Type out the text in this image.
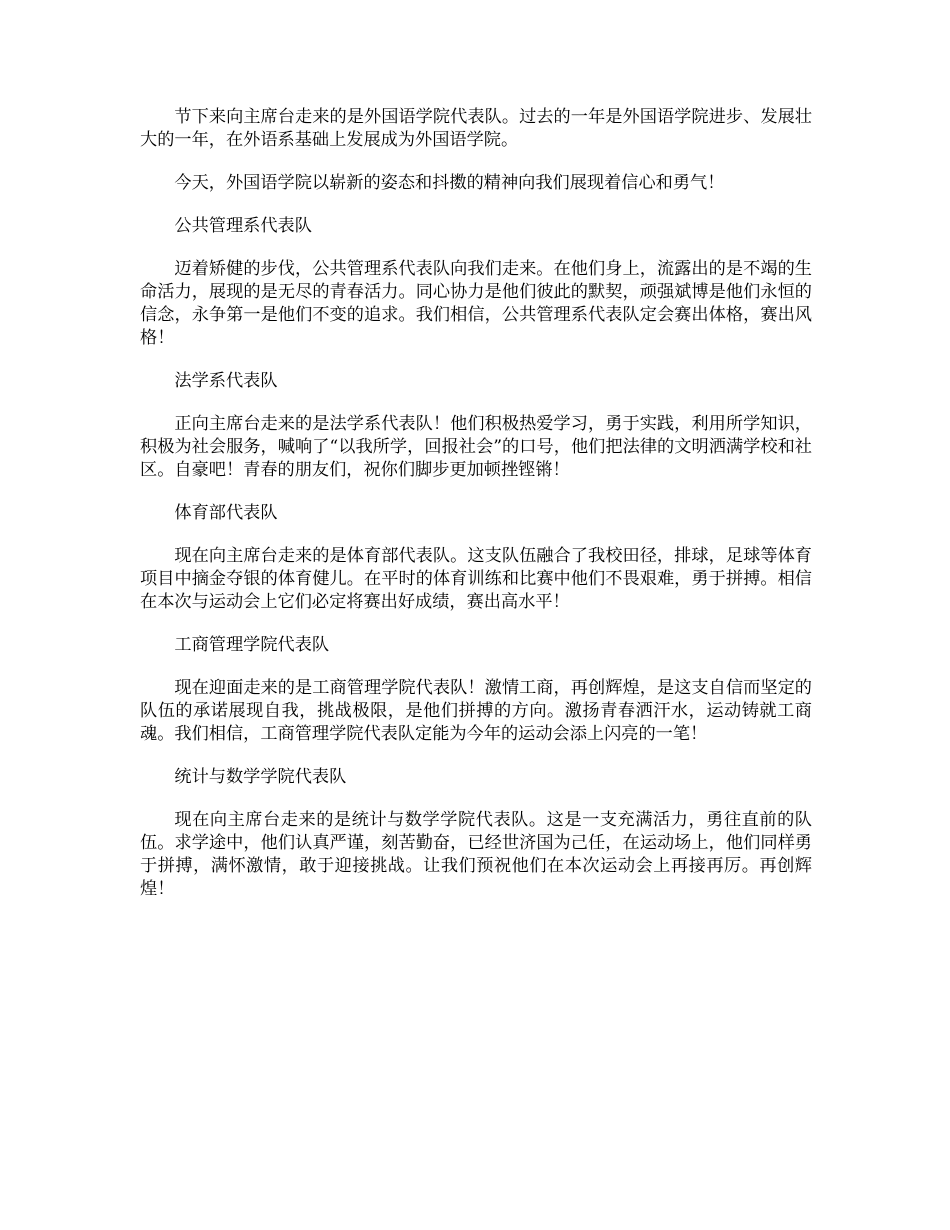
节下来向主席台走来的是外国语学院代表队。过去的一年是外国语学院进步、发展壮大的一年，在外语系基础上发展成为外国语学院。

今天，外国语学院以崭新的姿态和抖擞的精神向我们展现着信心和勇气！

公共管理系代表队

迈着矫健的步伐，公共管理系代表队向我们走来。在他们身上，流露出的是不竭的生命活力，展现的是无尽的青春活力。同心协力是他们彼此的默契，顽强斌博是他们永恒的信念，永争第一是他们不变的追求。我们相信，公共管理系代表队定会赛出体格，赛出风格！

法学系代表队

正向主席台走来的是法学系代表队！他们积极热爱学习，勇于实践，利用所学知识，积极为社会服务，喊响了“以我所学，回报社会”的口号，他们把法律的文明洒满学校和社区。自豪吧！青春的朋友们，祝你们脚步更加顿挫铿锵！

体育部代表队

现在向主席台走来的是体育部代表队。这支队伍融合了我校田径，排球，足球等体育项目中摘金夺银的体育健儿。在平时的体育训练和比赛中他们不畏艰难，勇于拼搏。相信在本次与运动会上它们必定将赛出好成绩，赛出高水平！

工商管理学院代表队

现在迎面走来的是工商管理学院代表队！激情工商，再创辉煌，是这支自信而坚定的队伍的承诺展现自我，挑战极限，是他们拼搏的方向。激扬青春洒汗水，运动铸就工商魂。我们相信，工商管理学院代表队定能为今年的运动会添上闪亮的一笔！

统计与数学学院代表队

现在向主席台走来的是统计与数学学院代表队。这是一支充满活力，勇往直前的队伍。求学途中，他们认真严谨，刻苦勤奋，已经世济国为己任，在运动场上，他们同样勇于拼搏，满怀激情，敢于迎接挑战。让我们预祝他们在本次运动会上再接再厉。再创辉煌！
